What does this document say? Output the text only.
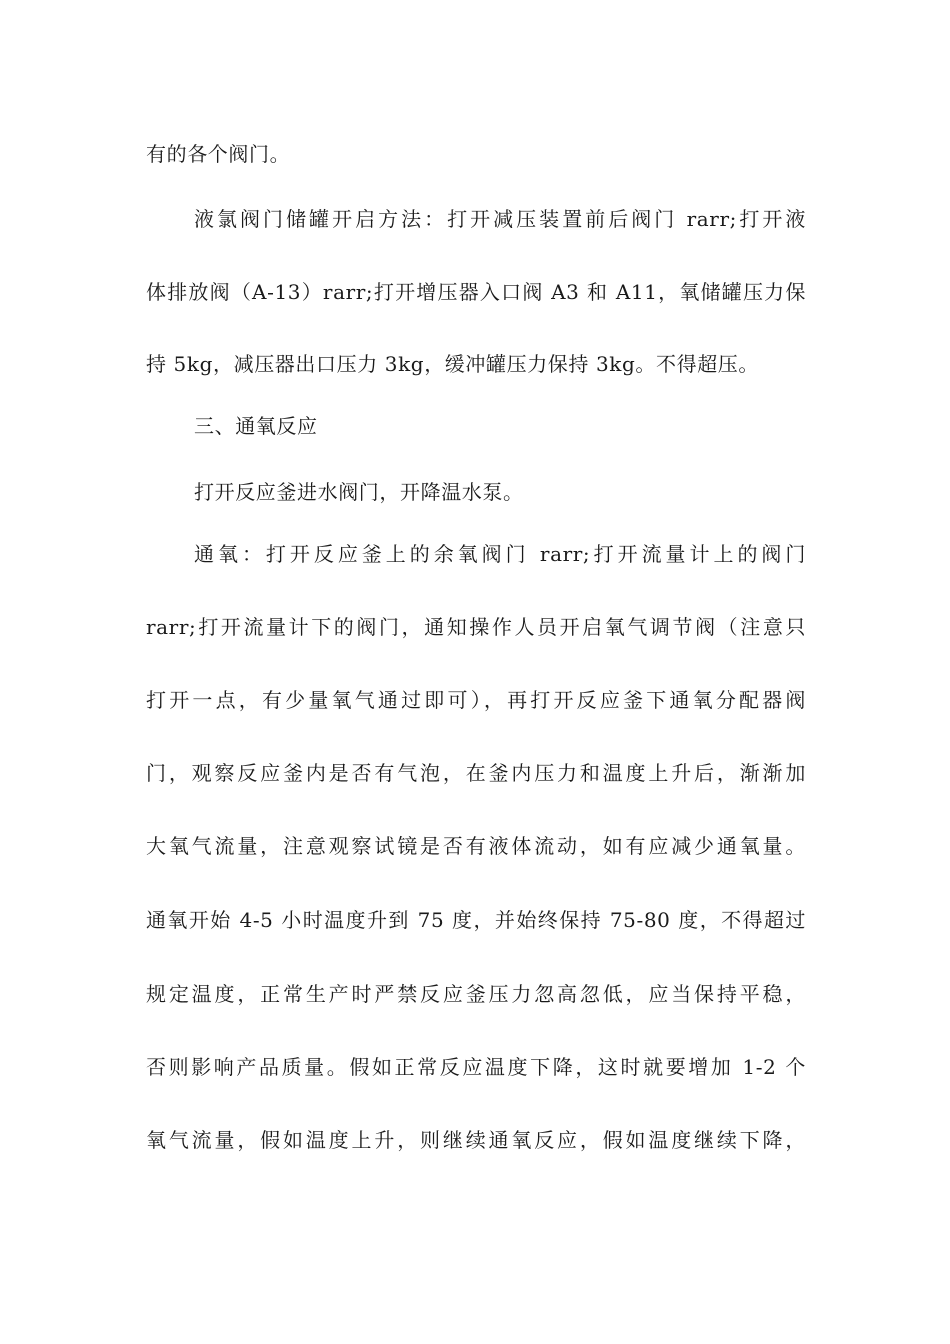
有的各个阀门。
液氯阀门储罐开启方法：打开减压装置前后阀门 rarr;打开液
体排放阀（A-13）rarr;打开增压器入口阀 A3 和 A11，氧储罐压力保
持 5kg，减压器出口压力 3kg，缓冲罐压力保持 3kg。不得超压。
三、通氧反应
打开反应釜进水阀门，开降温水泵。
通氧：打开反应釜上的余氧阀门 rarr;打开流量计上的阀门
rarr;打开流量计下的阀门，通知操作人员开启氧气调节阀（注意只
打开一点，有少量氧气通过即可），再打开反应釜下通氧分配器阀
门，观察反应釜内是否有气泡，在釜内压力和温度上升后，渐渐加
大氧气流量，注意观察试镜是否有液体流动，如有应减少通氧量。
通氧开始 4-5 小时温度升到 75 度，并始终保持 75-80 度，不得超过
规定温度，正常生产时严禁反应釜压力忽高忽低，应当保持平稳，
否则影响产品质量。假如正常反应温度下降，这时就要增加 1-2 个
氧气流量，假如温度上升，则继续通氧反应，假如温度继续下降，
